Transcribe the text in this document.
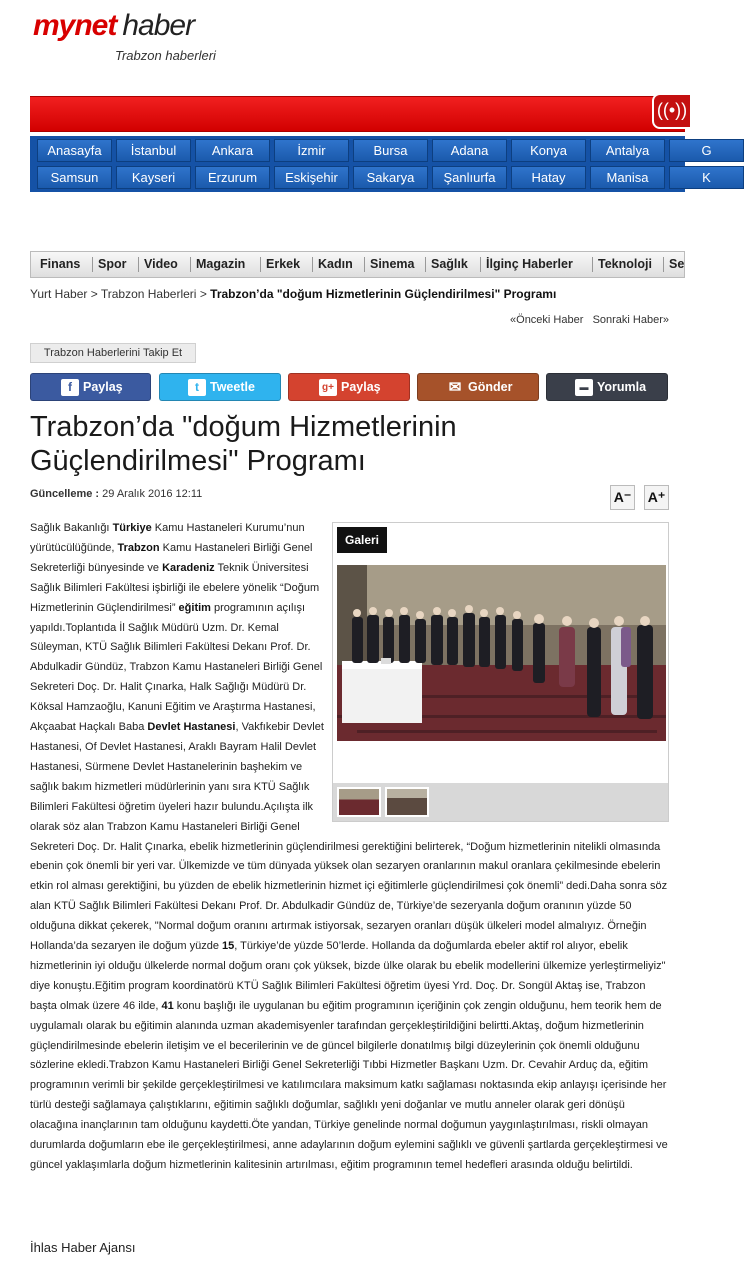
mynet haber
Trabzon haberleri
((•))
Anasayfa	İstanbul	Ankara	İzmir	Bursa	Adana	Konya	Antalya	G
Samsun	Kayseri	Erzurum	Eskişehir	Sakarya	Şanlıurfa	Hatay	Manisa	K
Finans Spor Video Magazin Erkek Kadın Sinema Sağlık İlginç Haberler Teknoloji Se
Yurt Haber > Trabzon Haberleri > Trabzon’da "doğum Hizmetlerinin Güçlendirilmesi" Programı
«Önceki Haber Sonraki Haber»
Trabzon Haberlerini Takip Et
f Paylaş	t Tweetle	g+ Paylaş	✉ Gönder	▬ Yorumla
Trabzon’da "doğum Hizmetlerinin Güçlendirilmesi" Programı
Güncelleme : 29 Aralık 2016 12:11	A⁻ A⁺
Sağlık Bakanlığı Türkiye Kamu Hastaneleri Kurumu’nun yürütücülüğünde, Trabzon Kamu Hastaneleri Birliği Genel Sekreterliği bünyesinde ve Karadeniz Teknik Üniversitesi Sağlık Bilimleri Fakültesi işbirliği ile ebelere yönelik “Doğum Hizmetlerinin Güçlendirilmesi” eğitim programının açılışı yapıldı.Toplantıda İl Sağlık Müdürü Uzm. Dr. Kemal Süleyman, KTÜ Sağlık Bilimleri Fakültesi Dekanı Prof. Dr. Abdulkadir Gündüz, Trabzon Kamu Hastaneleri Birliği Genel Sekreteri Doç. Dr. Halit Çınarka, Halk Sağlığı Müdürü Dr. Köksal Hamzaoğlu, Kanuni Eğitim ve Araştırma Hastanesi, Akçaabat Haçkalı Baba Devlet Hastanesi, Vakfıkebir Devlet Hastanesi, Of Devlet Hastanesi, Araklı Bayram Halil Devlet Hastanesi, Sürmene Devlet Hastanelerinin başhekim ve sağlık bakım hizmetleri müdürlerinin yanı sıra KTÜ Sağlık Bilimleri Fakültesi öğretim üyeleri hazır bulundu.Açılışta ilk olarak söz alan Trabzon Kamu Hastaneleri Birliği Genel Sekreteri Doç. Dr. Halit Çınarka, ebelik hizmetlerinin güçlendirilmesi gerektiğini belirterek, “Doğum hizmetlerinin nitelikli olmasında ebenin çok önemli bir yeri var. Ülkemizde ve tüm dünyada yüksek olan sezaryen oranlarının makul oranlara çekilmesinde ebelerin etkin rol alması gerektiğini, bu yüzden de ebelik hizmetlerinin hizmet içi eğitimlerle güçlendirilmesi çok önemli” dedi.Daha sonra söz alan KTÜ Sağlık Bilimleri Fakültesi Dekanı Prof. Dr. Abdulkadir Gündüz de, Türkiye’de sezeryanla doğum oranının yüzde 50 olduğuna dikkat çekerek, "Normal doğum oranını artırmak istiyorsak, sezaryen oranları düşük ülkeleri model almalıyız. Örneğin Hollanda’da sezaryen ile doğum yüzde 15, Türkiye’de yüzde 50’lerde. Hollanda da doğumlarda ebeler aktif rol alıyor, ebelik hizmetlerinin iyi olduğu ülkelerde normal doğum oranı çok yüksek, bizde ülke olarak bu ebelik modellerini ülkemize yerleştirmeliyiz" diye konuştu.Eğitim program koordinatörü KTÜ Sağlık Bilimleri Fakültesi öğretim üyesi Yrd. Doç. Dr. Songül Aktaş ise, Trabzon başta olmak üzere 46 ilde, 41 konu başlığı ile uygulanan bu eğitim programının içeriğinin çok zengin olduğunu, hem teorik hem de uygulamalı olarak bu eğitimin alanında uzman akademisyenler tarafından gerçekleştirildiğini belirtti.Aktaş, doğum hizmetlerinin güçlendirilmesinde ebelerin iletişim ve el becerilerinin ve de güncel bilgilerle donatılmış bilgi düzeylerinin çok önemli olduğunu sözlerine ekledi.Trabzon Kamu Hastaneleri Birliği Genel Sekreterliği Tıbbi Hizmetler Başkanı Uzm. Dr. Cevahir Arduç da, eğitim programının verimli bir şekilde gerçekleştirilmesi ve katılımcılara maksimum katkı sağlaması noktasında ekip anlayışı içerisinde her türlü desteği sağlamaya çalıştıklarını, eğitimin sağlıklı doğumlar, sağlıklı yeni doğanlar ve mutlu anneler olarak geri dönüşü olacağına inançlarının tam olduğunu kaydetti.Öte yandan, Türkiye genelinde normal doğumun yaygınlaştırılması, riskli olmayan durumlarda doğumların ebe ile gerçekleştirilmesi, anne adaylarının doğum eylemini sağlıklı ve güvenli şartlarda gerçekleştirmesi ve güncel yaklaşımlarla doğum hizmetlerinin kalitesinin artırılması, eğitim programının temel hedefleri arasında olduğu belirtildi.
Galeri
İhlas Haber Ajansı
